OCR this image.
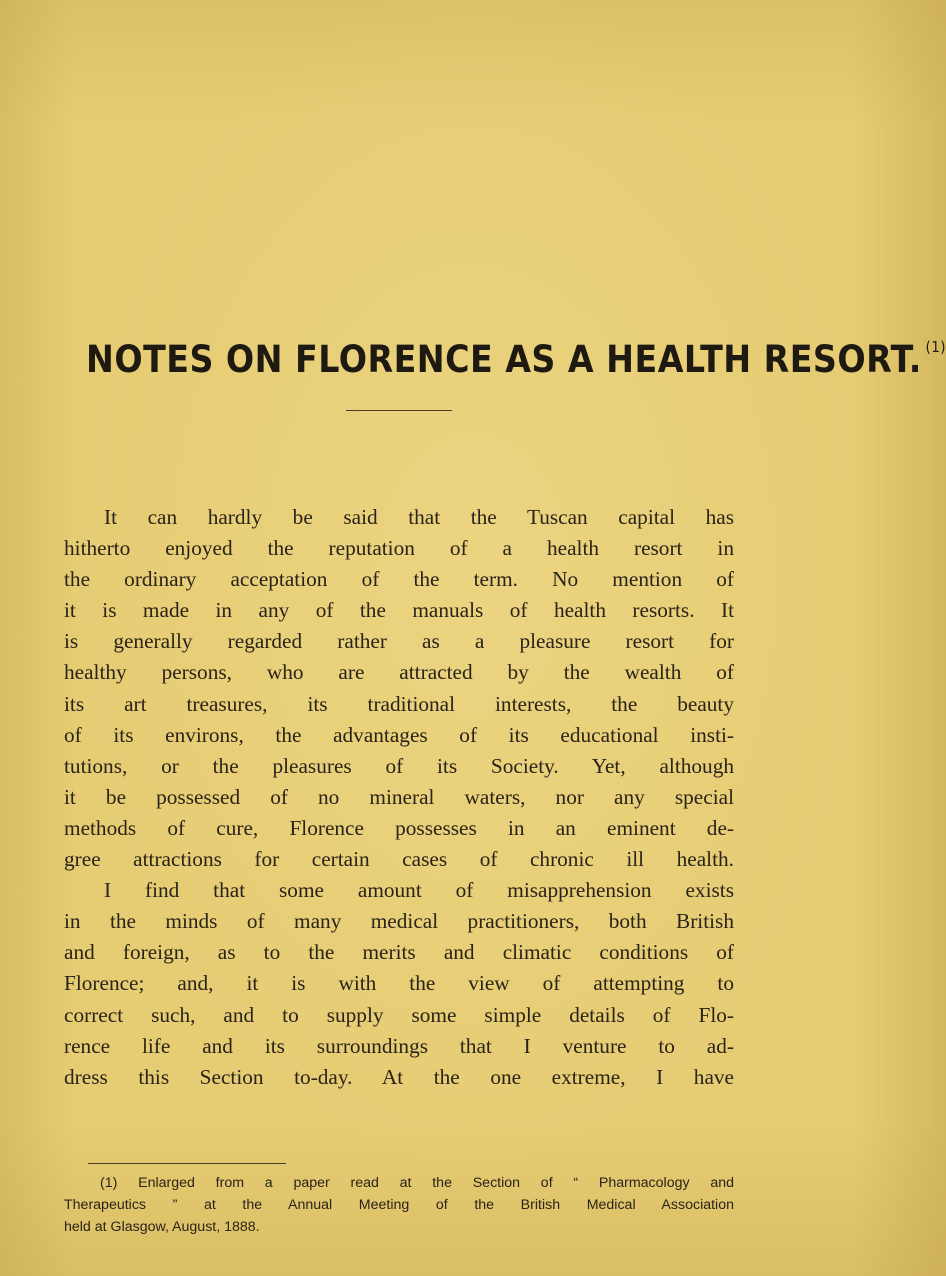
NOTES ON FLORENCE AS A HEALTH RESORT. $^{(1)}$
It can hardly be said that the Tuscan capital has
hitherto enjoyed the reputation of a health resort in
the ordinary acceptation of the term. No mention of
it is made in any of the manuals of health resorts. It
is generally regarded rather as a pleasure resort for
healthy persons, who are attracted by the wealth of
its art treasures, its traditional interests, the beauty
of its environs, the advantages of its educational insti-
tutions, or the pleasures of its Society. Yet, although
it be possessed of no mineral waters, nor any special
methods of cure, Florence possesses in an eminent de-
gree attractions for certain cases of chronic ill health.
I find that some amount of misapprehension exists
in the minds of many medical practitioners, both British
and foreign, as to the merits and climatic conditions of
Florence; and, it is with the view of attempting to
correct such, and to supply some simple details of Flo-
rence life and its surroundings that I venture to ad-
dress this Section to-day. At the one extreme, I have
(1) Enlarged from a paper read at the Section of “ Pharmacology and
Therapeutics ” at the Annual Meeting of the British Medical Association
held at Glasgow, August, 1888.
